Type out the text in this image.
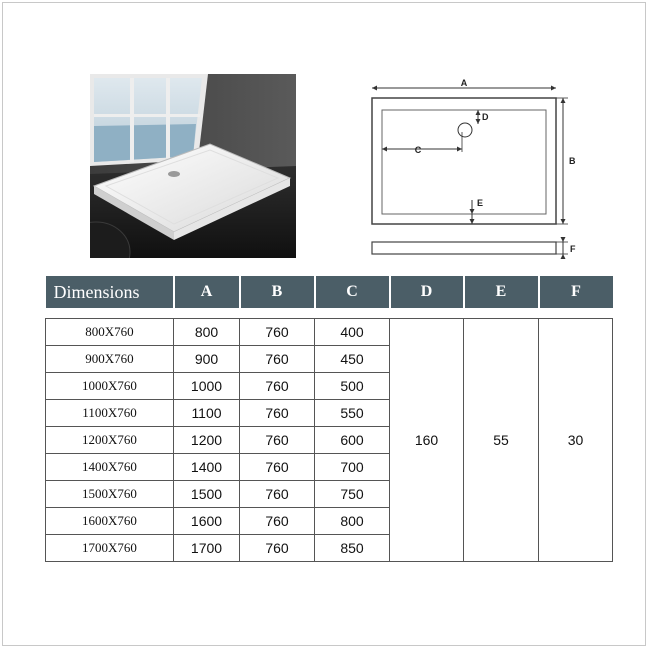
A
C
D
E
B
F
Dimensions	A	B	C	D	E	F

800X760	800	760	400	160	55	30
900X760	900	760	450			
1000X760	1000	760	500			
1100X760	1100	760	550			
1200X760	1200	760	600			
1400X760	1400	760	700			
1500X760	1500	760	750			
1600X760	1600	760	800			
1700X760	1700	760	850			
